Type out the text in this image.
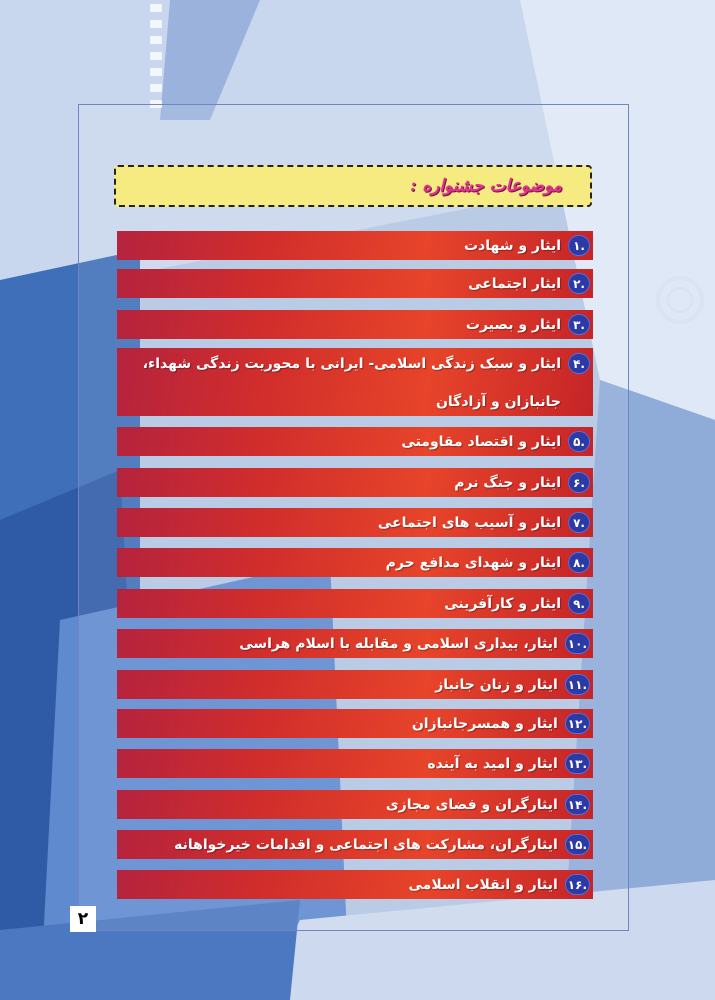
موضوعات جشنواره :
.۱
ایثار و شهادت
.۲
ایثار اجتماعی
.۳
ایثار و بصیرت
.۴
ایثار و سبک زندگی اسلامی- ایرانی با محوریت زندگی شهداء، جانبازان و آزادگان
.۵
ایثار و اقتصاد مقاومتی
.۶
ایثار و جنگ نرم
.۷
ایثار و آسیب های اجتماعی
.۸
ایثار و شهدای مدافع حرم
.۹
ایثار و کارآفرینی
.۱۰
ایثار، بیداری اسلامی و مقابله با اسلام هراسی
.۱۱
ایثار و زنان جانباز
.۱۲
ایثار و همسرجانبازان
.۱۳
ایثار و امید به آینده
.۱۴
ایثارگران و فضای مجازی
.۱۵
ایثارگران، مشارکت های اجتماعی و اقدامات خیرخواهانه
.۱۶
ایثار و انقلاب اسلامی
۲
